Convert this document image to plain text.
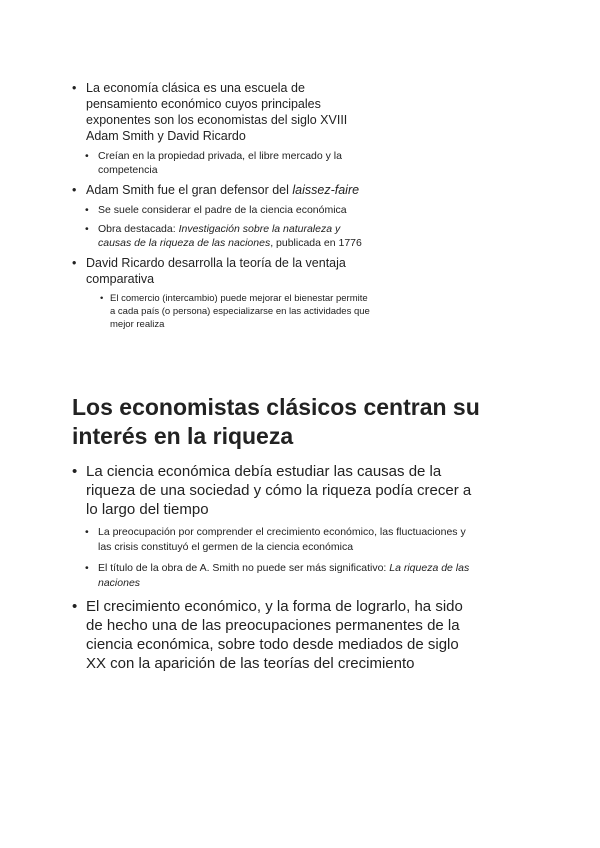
• La economía clásica es una escuela de pensamiento económico cuyos principales exponentes son los economistas del siglo XVIII Adam Smith y David Ricardo
• Creían en la propiedad privada, el libre mercado y la competencia
• Adam Smith fue el gran defensor del laissez-faire
• Se suele considerar el padre de la ciencia económica
• Obra destacada: Investigación sobre la naturaleza y causas de la riqueza de las naciones, publicada en 1776
• David Ricardo desarrolla la teoría de la ventaja comparativa
• El comercio (intercambio) puede mejorar el bienestar permite a cada país (o persona) especializarse en las actividades que mejor realiza
Los economistas clásicos centran su interés en la riqueza
• La ciencia económica debía estudiar las causas de la riqueza de una sociedad y cómo la riqueza podía crecer a lo largo del tiempo
• La preocupación por comprender el crecimiento económico, las fluctuaciones y las crisis constituyó el germen de la ciencia económica
• El título de la obra de A. Smith no puede ser más significativo: La riqueza de las naciones
• El crecimiento económico, y la forma de lograrlo, ha sido de hecho una de las preocupaciones permanentes de la ciencia económica, sobre todo desde mediados de siglo XX con la aparición de las teorías del crecimiento
